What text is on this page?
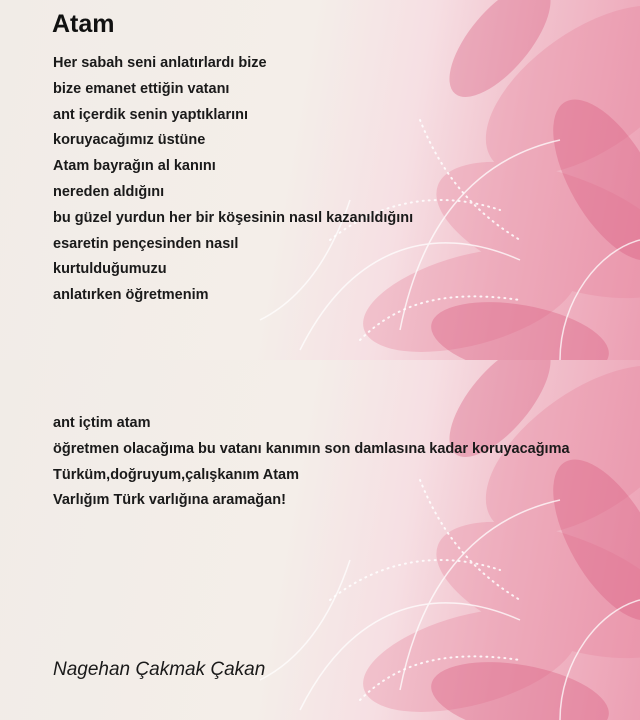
Atam
Her sabah seni anlatırlardı bize
bize emanet ettiğin vatanı
ant içerdik senin yaptıklarını
koruyacağımız üstüne
Atam bayrağın al kanını
nereden aldığını
bu güzel yurdun her bir köşesinin nasıl kazanıldığını
esaretin pençesinden nasıl
kurtulduğumuzu
anlatırken öğretmenim
ant içtim atam
öğretmen olacağıma bu vatanı kanımın son damlasına kadar koruyacağıma
Türküm,doğruyum,çalışkanım Atam
Varlığım Türk varlığına aramağan!
Nagehan Çakmak Çakan
